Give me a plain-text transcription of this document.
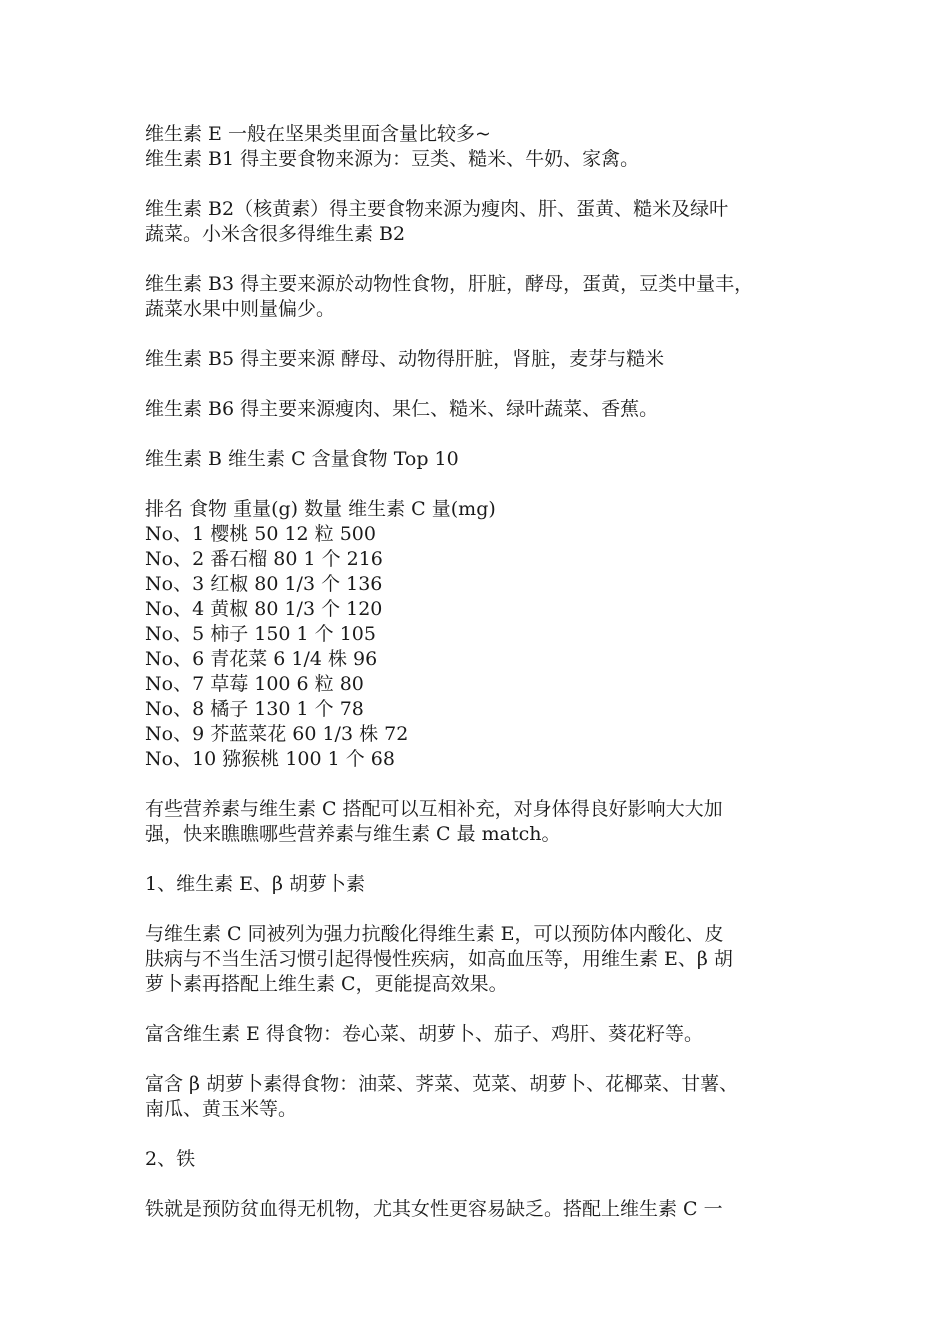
维生素 E 一般在坚果类里面含量比较多~
维生素 B1 得主要食物来源为：豆类、糙米、牛奶、家禽。

维生素 B2（核黄素）得主要食物来源为瘦肉、肝、蛋黄、糙米及绿叶
蔬菜。小米含很多得维生素 B2

维生素 B3 得主要来源於动物性食物，肝脏，酵母，蛋黄，豆类中量丰，
蔬菜水果中则量偏少。

维生素 B5 得主要来源 酵母、动物得肝脏，肾脏，麦芽与糙米

维生素 B6 得主要来源瘦肉、果仁、糙米、绿叶蔬菜、香蕉。

维生素 B 维生素 C 含量食物 Top 10

排名 食物 重量(g) 数量 维生素 C 量(mg)
No、1 樱桃 50 12 粒 500
No、2 番石榴 80 1 个 216
No、3 红椒 80 1/3 个 136
No、4 黄椒 80 1/3 个 120
No、5 柿子 150 1 个 105
No、6 青花菜 6 1/4 株 96
No、7 草莓 100 6 粒 80
No、8 橘子 130 1 个 78
No、9 芥蓝菜花 60 1/3 株 72
No、10 猕猴桃 100 1 个 68

有些营养素与维生素 C 搭配可以互相补充，对身体得良好影响大大加
强，快来瞧瞧哪些营养素与维生素 C 最 match。

1、维生素 E、β 胡萝卜素

与维生素 C 同被列为强力抗酸化得维生素 E，可以预防体内酸化、皮
肤病与不当生活习惯引起得慢性疾病，如高血压等，用维生素 E、β 胡
萝卜素再搭配上维生素 C，更能提高效果。

富含维生素 E 得食物：卷心菜、胡萝卜、茄子、鸡肝、葵花籽等。

富含 β 胡萝卜素得食物：油菜、荠菜、苋菜、胡萝卜、花椰菜、甘薯、
南瓜、黄玉米等。

2、铁

铁就是预防贫血得无机物，尤其女性更容易缺乏。搭配上维生素 C 一
